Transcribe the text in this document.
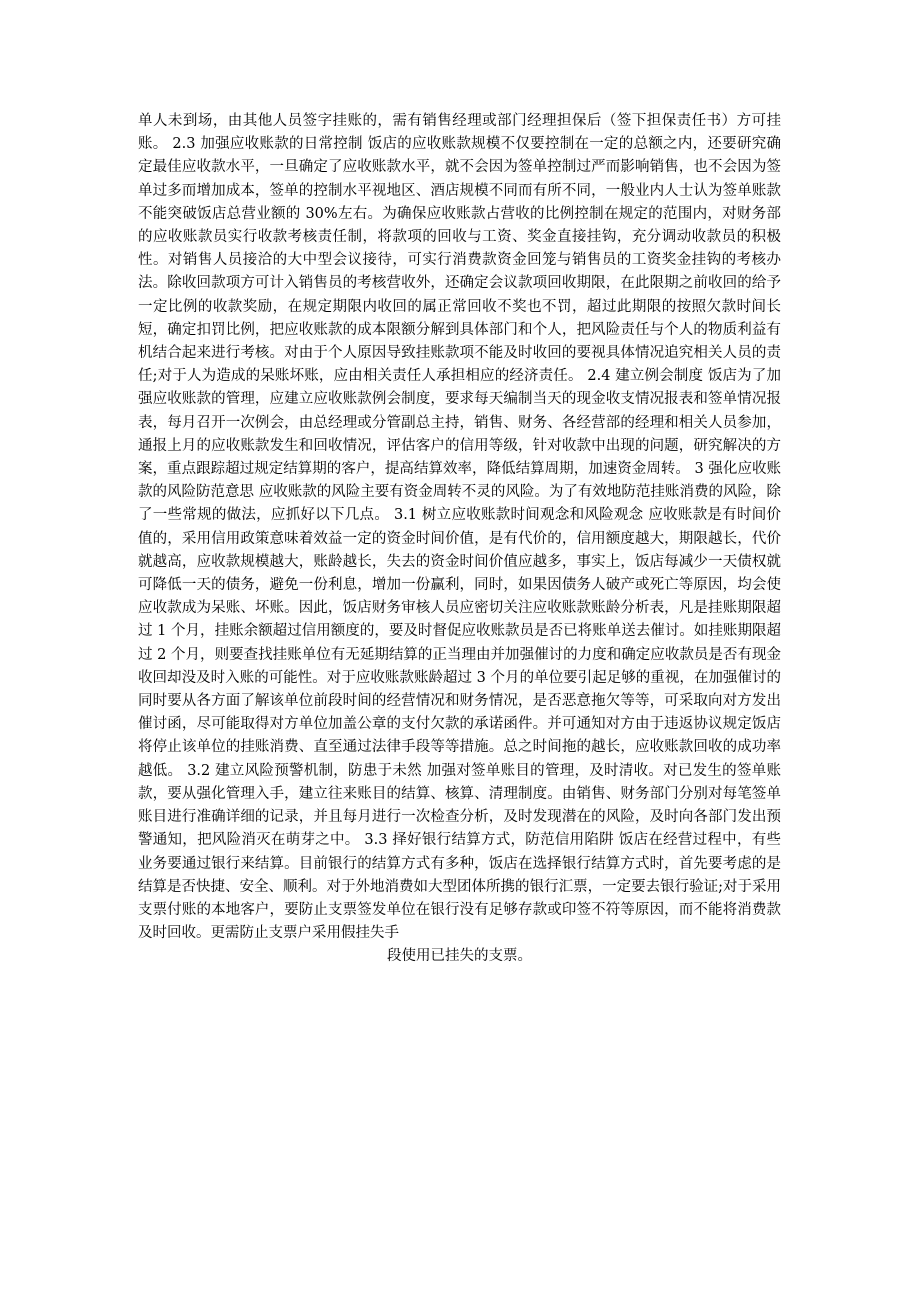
单人未到场，由其他人员签字挂账的，需有销售经理或部门经理担保后（签下担保责任书）方可挂账。 2.3 加强应收账款的日常控制 饭店的应收账款规模不仅要控制在一定的总额之内，还要研究确定最佳应收款水平，一旦确定了应收账款水平，就不会因为签单控制过严而影响销售，也不会因为签单过多而增加成本，签单的控制水平视地区、酒店规模不同而有所不同，一般业内人士认为签单账款不能突破饭店总营业额的 30%左右。为确保应收账款占营收的比例控制在规定的范围内，对财务部的应收账款员实行收款考核责任制，将款项的回收与工资、奖金直接挂钩，充分调动收款员的积极性。对销售人员接洽的大中型会议接待，可实行消费款资金回笼与销售员的工资奖金挂钩的考核办法。除收回款项方可计入销售员的考核营收外，还确定会议款项回收期限，在此限期之前收回的给予一定比例的收款奖励，在规定期限内收回的属正常回收不奖也不罚，超过此期限的按照欠款时间长短，确定扣罚比例，把应收账款的成本限额分解到具体部门和个人，把风险责任与个人的物质利益有机结合起来进行考核。对由于个人原因导致挂账款项不能及时收回的要视具体情况追究相关人员的责任;对于人为造成的呆账坏账，应由相关责任人承担相应的经济责任。 2.4 建立例会制度 饭店为了加强应收账款的管理，应建立应收账款例会制度，要求每天编制当天的现金收支情况报表和签单情况报表，每月召开一次例会，由总经理或分管副总主持，销售、财务、各经营部的经理和相关人员参加，通报上月的应收账款发生和回收情况，评估客户的信用等级，针对收款中出现的问题，研究解决的方案，重点跟踪超过规定结算期的客户，提高结算效率，降低结算周期，加速资金周转。 3 强化应收账款的风险防范意思 应收账款的风险主要有资金周转不灵的风险。为了有效地防范挂账消费的风险，除了一些常规的做法，应抓好以下几点。 3.1 树立应收账款时间观念和风险观念 应收账款是有时间价值的，采用信用政策意味着效益一定的资金时间价值，是有代价的，信用额度越大，期限越长，代价就越高，应收款规模越大，账龄越长，失去的资金时间价值应越多，事实上，饭店每减少一天债权就可降低一天的债务，避免一份利息，增加一份赢利，同时，如果因债务人破产或死亡等原因，均会使应收款成为呆账、坏账。因此，饭店财务审核人员应密切关注应收账款账龄分析表，凡是挂账期限超过 1 个月，挂账余额超过信用额度的，要及时督促应收账款员是否已将账单送去催讨。如挂账期限超过 2 个月，则要查找挂账单位有无延期结算的正当理由并加强催讨的力度和确定应收款员是否有现金收回却没及时入账的可能性。对于应收账款账龄超过 3 个月的单位要引起足够的重视，在加强催讨的同时要从各方面了解该单位前段时间的经营情况和财务情况，是否恶意拖欠等等，可采取向对方发出催讨函，尽可能取得对方单位加盖公章的支付欠款的承诺函件。并可通知对方由于违返协议规定饭店将停止该单位的挂账消费、直至通过法律手段等等措施。总之时间拖的越长，应收账款回收的成功率越低。 3.2 建立风险预警机制，防患于未然 加强对签单账目的管理，及时清收。对已发生的签单账款，要从强化管理入手，建立往来账目的结算、核算、清理制度。由销售、财务部门分别对每笔签单账目进行准确详细的记录，并且每月进行一次检查分析，及时发现潜在的风险，及时向各部门发出预警通知，把风险消灭在萌芽之中。 3.3 择好银行结算方式，防范信用陷阱 饭店在经营过程中，有些业务要通过银行来结算。目前银行的结算方式有多种，饭店在选择银行结算方式时，首先要考虑的是结算是否快捷、安全、顺利。对于外地消费如大型团体所携的银行汇票，一定要去银行验证;对于采用支票付账的本地客户，要防止支票签发单位在银行没有足够存款或印签不符等原因，而不能将消费款及时回收。更需防止支票户采用假挂失手

段使用已挂失的支票。
